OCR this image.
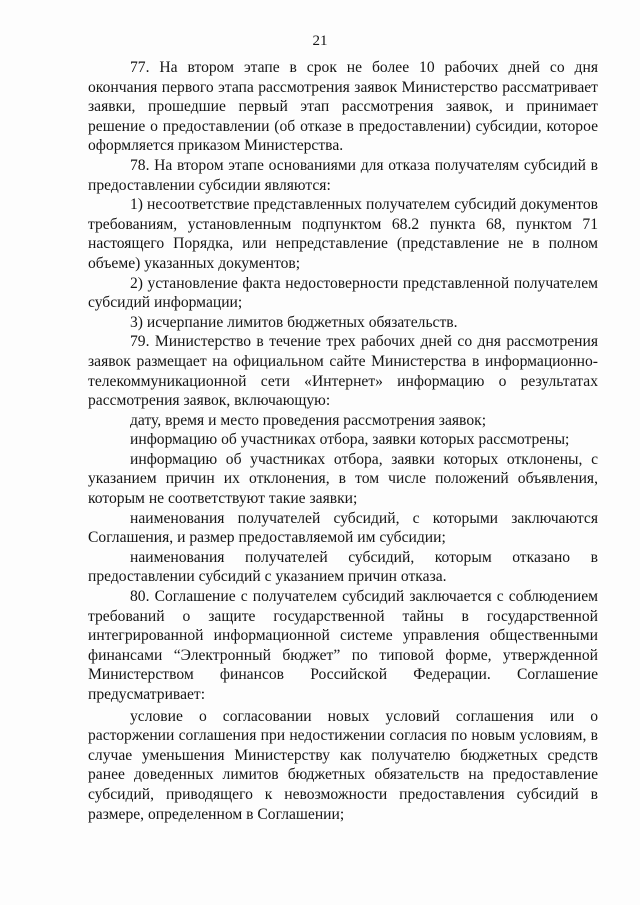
21

77. На втором этапе в срок не более 10 рабочих дней со дня окончания первого этапа рассмотрения заявок Министерство рассматривает заявки, прошедшие первый этап рассмотрения заявок, и принимает решение о предоставлении (об отказе в предоставлении) субсидии, которое оформляется приказом Министерства.

78. На втором этапе основаниями для отказа получателям субсидий в предоставлении субсидии являются:

1) несоответствие представленных получателем субсидий документов требованиям, установленным подпунктом 68.2 пункта 68, пунктом 71 настоящего Порядка, или непредставление (представление не в полном объеме) указанных документов;

2) установление факта недостоверности представленной получателем субсидий информации;

3) исчерпание лимитов бюджетных обязательств.

79. Министерство в течение трех рабочих дней со дня рассмотрения заявок размещает на официальном сайте Министерства в информационно-телекоммуникационной сети «Интернет» информацию о результатах рассмотрения заявок, включающую:

дату, время и место проведения рассмотрения заявок;

информацию об участниках отбора, заявки которых рассмотрены;

информацию об участниках отбора, заявки которых отклонены, с указанием причин их отклонения, в том числе положений объявления, которым не соответствуют такие заявки;

наименования получателей субсидий, с которыми заключаются Соглашения, и размер предоставляемой им субсидии;

наименования получателей субсидий, которым отказано в предоставлении субсидий с указанием причин отказа.

80. Соглашение с получателем субсидий заключается с соблюдением требований о защите государственной тайны в государственной интегрированной информационной системе управления общественными финансами “Электронный бюджет” по типовой форме, утвержденной Министерством финансов Российской Федерации. Соглашение предусматривает:

условие о согласовании новых условий соглашения или о расторжении соглашения при недостижении согласия по новым условиям, в случае уменьшения Министерству как получателю бюджетных средств ранее доведенных лимитов бюджетных обязательств на предоставление субсидий, приводящего к невозможности предоставления субсидий в размере, определенном в Соглашении;
